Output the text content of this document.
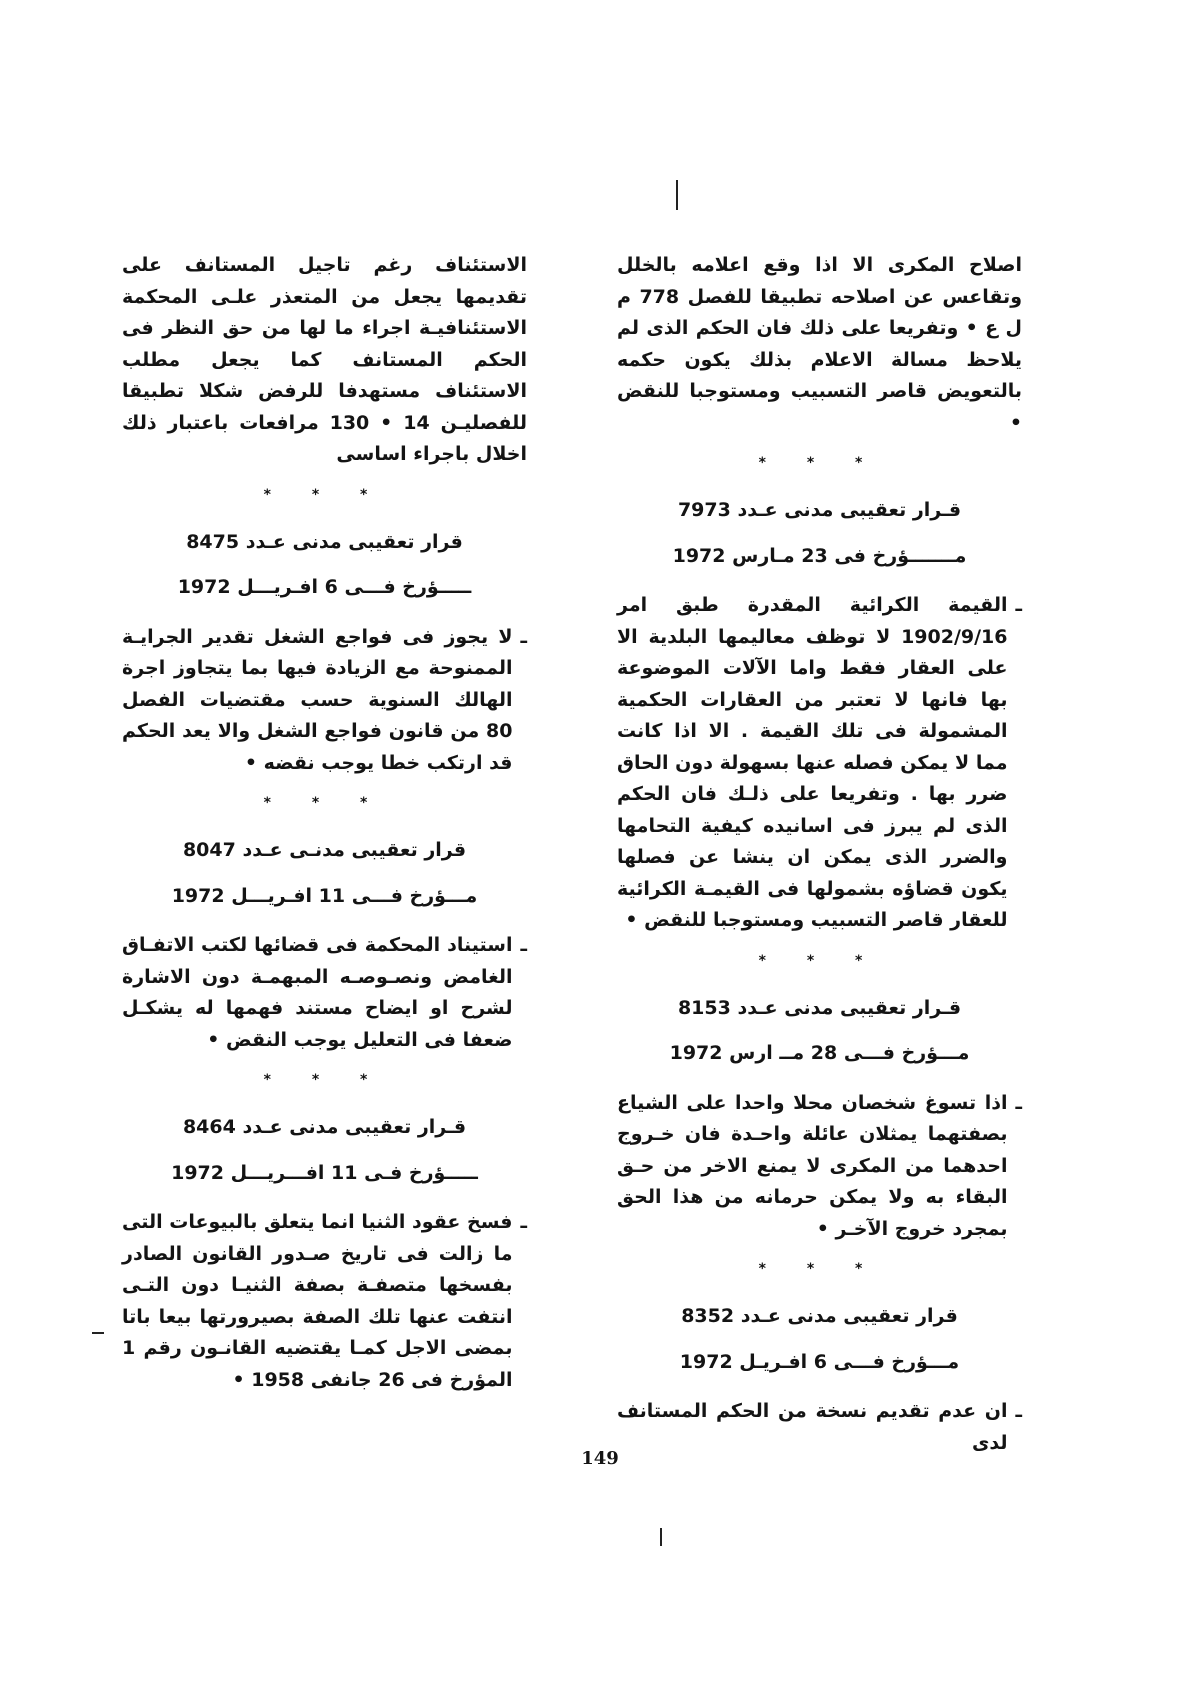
اصلاح المكرى الا اذا وقع اعلامه بالخلل وتقاعس عن اصلاحه تطبيقا للفصل 778 م ل ع • وتفريعا على ذلك فان الحكم الذى لم يلاحظ مسالة الاعلام بذلك يكون حكمه بالتعويض قاصر التسبيب ومستوجبا للنقض •

* * *
قـرار تعقيبى مدنى عـدد 7973
مـــــــؤرخ فى 23 مـارس 1972
ـ

القيمة الكرائية المقدرة طبق امر 1902/9/16 لا توظف معاليمها البلدية الا على العقار فقط واما الآلات الموضوعة بها فانها لا تعتبر من العقارات الحكمية المشمولة فى تلك القيمة . الا اذا كانت مما لا يمكن فصله عنها بسهولة دون الحاق ضرر بها . وتفريعا على ذلـك فان الحكم الذى لم يبرز فى اسانيده كيفية التحامها والضرر الذى يمكن ان ينشا عن فصلها يكون قضاؤه بشمولها فى القيمـة الكرائية للعقار قاصر التسبيب ومستوجبا للنقض •

* * *
قـرار تعقيبى مدنى عـدد 8153
مـــؤرخ فـــى 28 مــ ارس 1972
ـ

اذا تسوغ شخصان محلا واحدا على الشياع بصفتهما يمثلان عائلة واحـدة فان خـروج احدهما من المكرى لا يمنع الاخر من حـق البقاء به ولا يمكن حرمانه من هذا الحق بمجرد خروج الآخـر •

* * *
قرار تعقيبى مدنى عـدد 8352
مـــؤرخ فـــى 6 افـريـل 1972
ـ

ان عدم تقديم نسخة من الحكم المستانف لدى

الاستئناف رغم تاجيل المستانف على تقديمها يجعل من المتعذر علـى المحكمة الاستئنافيـة اجراء ما لها من حق النظر فى الحكم المستانف كما يجعل مطلب الاستئناف مستهدفا للرفض شكلا تطبيقا للفصليـن 14 • 130 مرافعات باعتبار ذلك اخلال باجراء اساسى

* * *
قرار تعقيبى مدنى عـدد 8475
ـــــؤرخ فـــى 6 افـريـــل 1972
ـ

لا يجوز فى فواجع الشغل تقدير الجرايـة الممنوحة مع الزيادة فيها بما يتجاوز اجرة الهالك السنوية حسب مقتضيات الفصل 80 من قانون فواجع الشغل والا يعد الحكم قد ارتكب خطا يوجب نقضه •

* * *
قرار تعقيبى مدنـى عـدد 8047
مـــؤرخ فـــى 11 افـريـــل 1972
ـ

استيناد المحكمة فى قضائها لكتب الاتفـاق الغامض ونصـوصـه المبهمـة دون الاشارة لشرح او ايضاح مستند فهمها له يشكـل ضعفا فى التعليل يوجب النقض •

* * *
قـرار تعقيبى مدنى عـدد 8464
ـــــؤرخ فـى 11 افـــريـــل 1972
ـ

فسخ عقود الثنيا انما يتعلق بالبيوعات التى ما زالت فى تاريخ صـدور القانون الصادر بفسخها متصفـة بصفة الثنيـا دون التـى انتفت عنها تلك الصفة بصيرورتها بيعا باتا بمضى الاجل كمـا يقتضيه القانـون رقم 1 المؤرخ فى 26 جانفى 1958 •

149
